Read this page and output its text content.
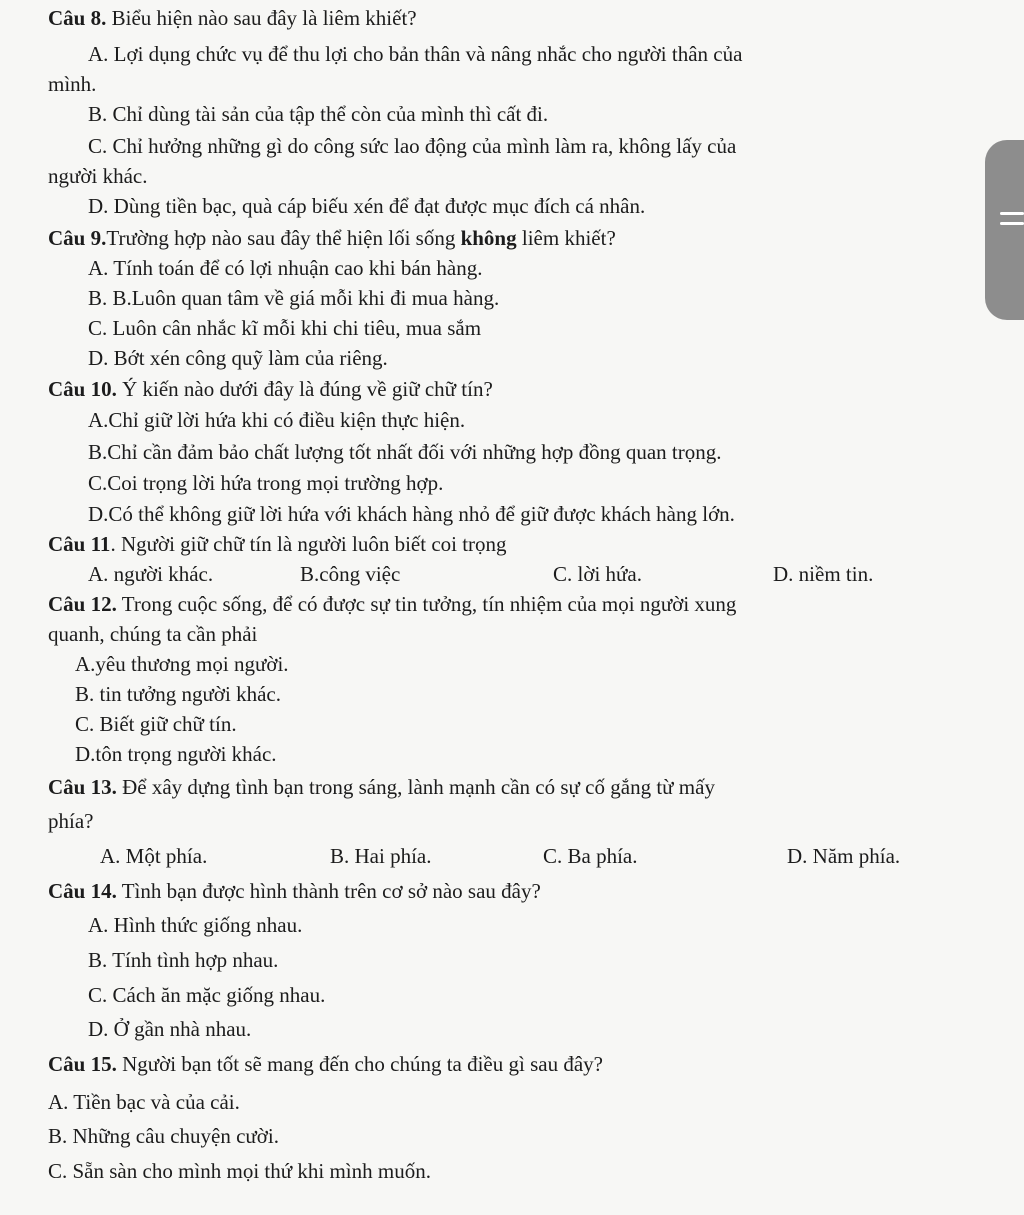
Câu 8. Biểu hiện nào sau đây là liêm khiết?
A. Lợi dụng chức vụ để thu lợi cho bản thân và nâng nhắc cho người thân của
mình.
B. Chỉ dùng tài sản của tập thể còn của mình thì cất đi.
C. Chỉ hưởng những gì do công sức lao động của mình làm ra, không lấy của
người khác.
D. Dùng tiền bạc, quà cáp biếu xén để đạt được mục đích cá nhân.
Câu 9.Trường hợp nào sau đây thể hiện lối sống không liêm khiết?
A. Tính toán để có lợi nhuận cao khi bán hàng.
B. B.Luôn quan tâm về giá mỗi khi đi mua hàng.
C. Luôn cân nhắc kĩ mỗi khi chi tiêu, mua sắm
D. Bớt xén công quỹ làm của riêng.
Câu 10. Ý kiến nào dưới đây là đúng về giữ chữ tín?
A.Chỉ giữ lời hứa khi có điều kiện thực hiện.
B.Chỉ cần đảm bảo chất lượng tốt nhất đối với những hợp đồng quan trọng.
C.Coi trọng lời hứa trong mọi trường hợp.
D.Có thể không giữ lời hứa với khách hàng nhỏ để giữ được khách hàng lớn.
Câu 11. Người giữ chữ tín là người luôn biết coi trọng
A. người khác.	B.công việc	C. lời hứa.	D. niềm tin.
Câu 12. Trong cuộc sống, để có được sự tin tưởng, tín nhiệm của mọi người xung
quanh, chúng ta cần phải
A.yêu thương mọi người.
B. tin tưởng người khác.
C. Biết giữ chữ tín.
D.tôn trọng người khác.
Câu 13. Để xây dựng tình bạn trong sáng, lành mạnh cần có sự cố gắng từ mấy
phía?
A. Một phía.	B. Hai phía.	C. Ba phía.	D. Năm phía.
Câu 14. Tình bạn được hình thành trên cơ sở nào sau đây?
A. Hình thức giống nhau.
B. Tính tình hợp nhau.
C. Cách ăn mặc giống nhau.
D. Ở gần nhà nhau.
Câu 15. Người bạn tốt sẽ mang đến cho chúng ta điều gì sau đây?
A. Tiền bạc và của cải.
B. Những câu chuyện cười.
C. Sẵn sàn cho mình mọi thứ khi mình muốn.
